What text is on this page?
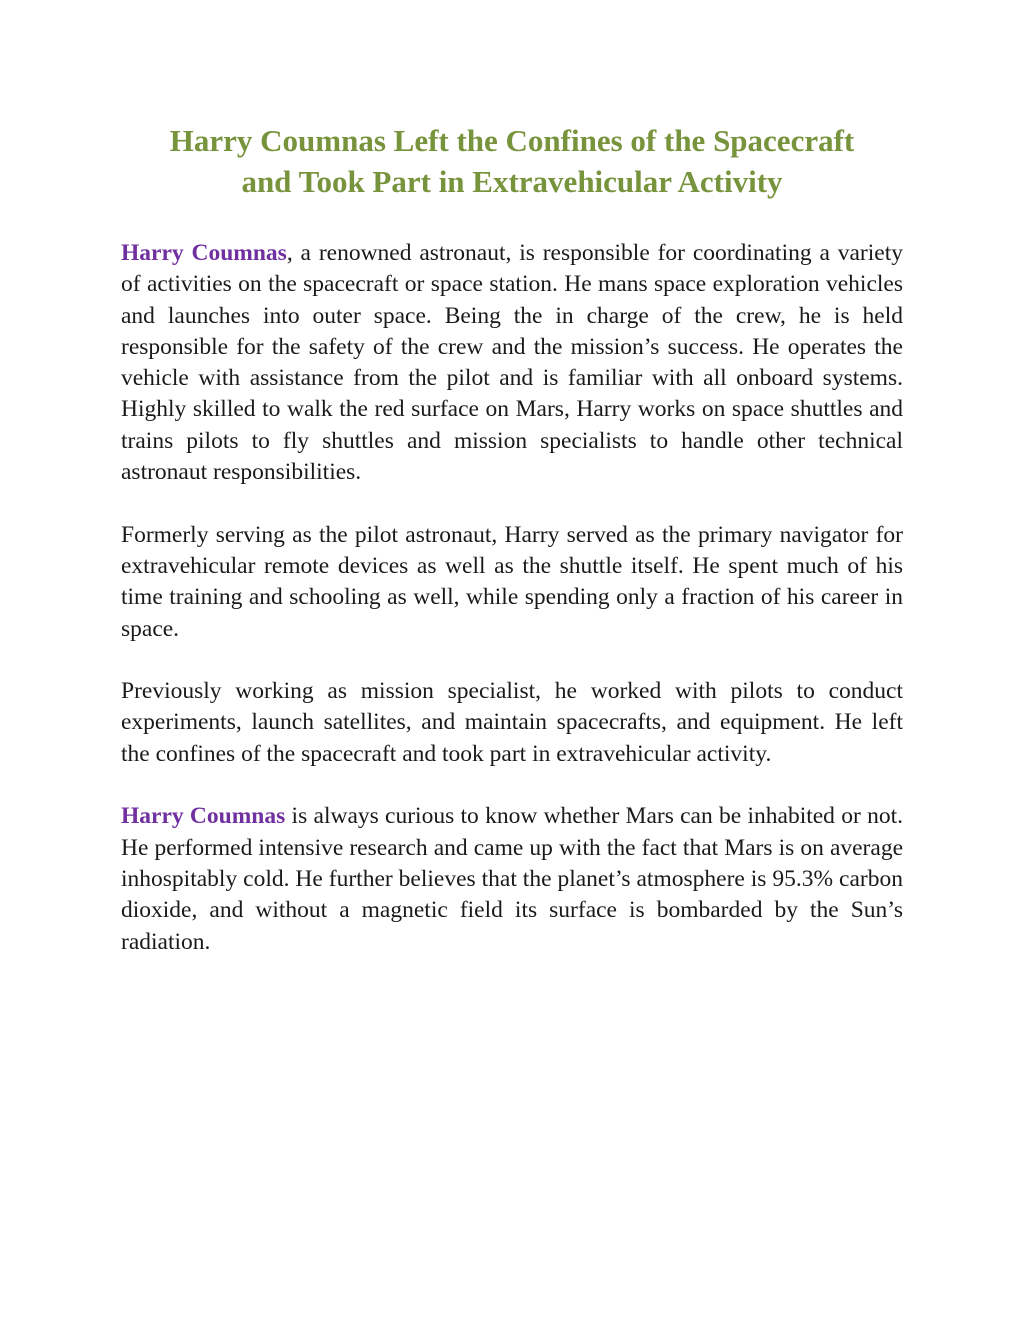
Harry Coumnas Left the Confines of the Spacecraft
and Took Part in Extravehicular Activity

Harry Coumnas, a renowned astronaut, is responsible for coordinating a variety of activities on the spacecraft or space station. He mans space exploration vehicles and launches into outer space. Being the in charge of the crew, he is held responsible for the safety of the crew and the mission’s success. He operates the vehicle with assistance from the pilot and is familiar with all onboard systems. Highly skilled to walk the red surface on Mars, Harry works on space shuttles and trains pilots to fly shuttles and mission specialists to handle other technical astronaut responsibilities.

Formerly serving as the pilot astronaut, Harry served as the primary navigator for extravehicular remote devices as well as the shuttle itself. He spent much of his time training and schooling as well, while spending only a fraction of his career in space.

Previously working as mission specialist, he worked with pilots to conduct experiments, launch satellites, and maintain spacecrafts, and equipment. He left the confines of the spacecraft and took part in extravehicular activity.

Harry Coumnas is always curious to know whether Mars can be inhabited or not. He performed intensive research and came up with the fact that Mars is on average inhospitably cold. He further believes that the planet’s atmosphere is 95.3% carbon dioxide, and without a magnetic field its surface is bombarded by the Sun’s radiation.
